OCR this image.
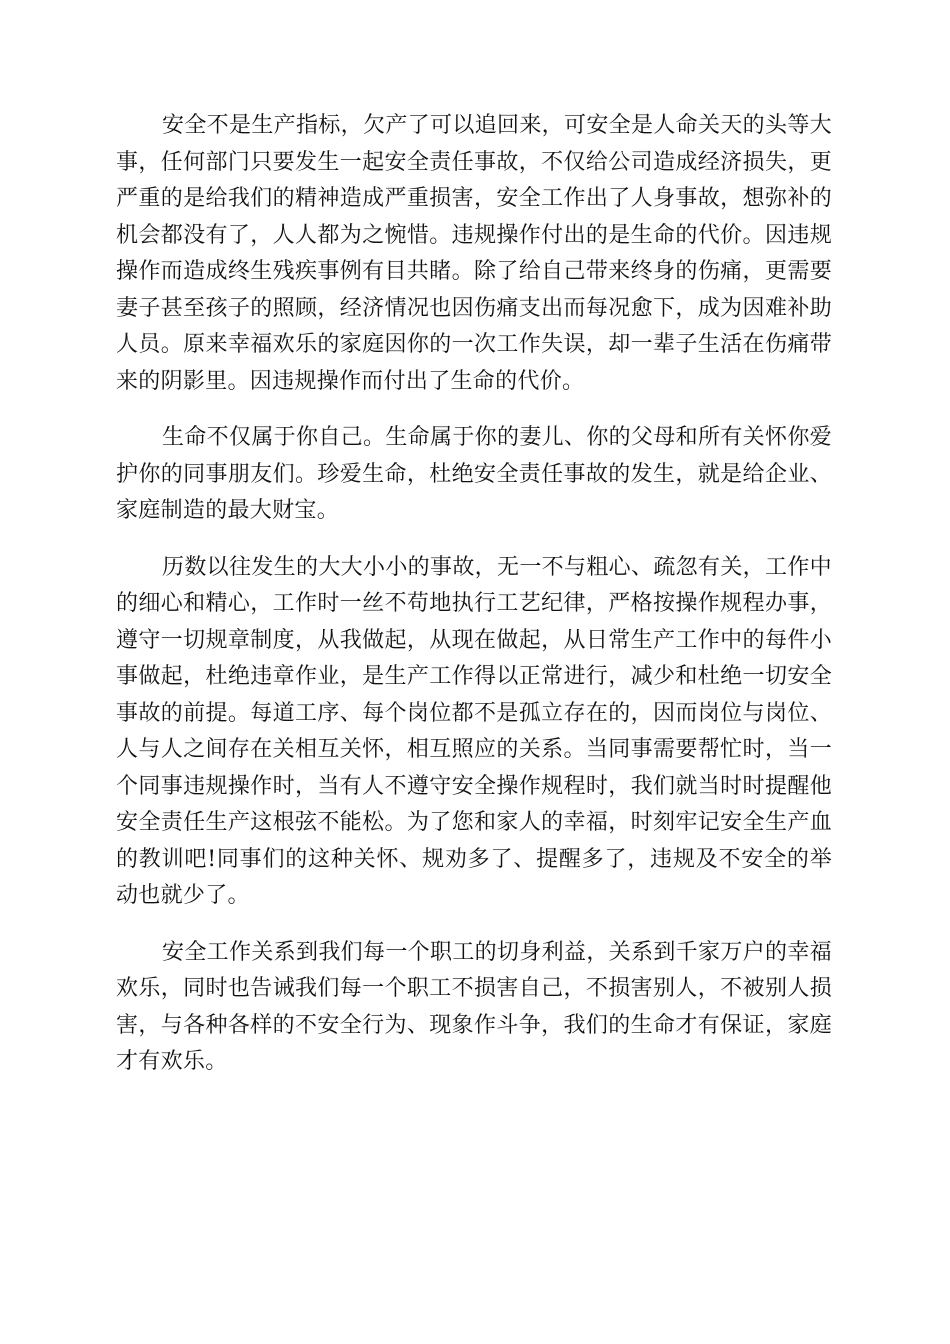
安全不是生产指标，欠产了可以追回来，可安全是人命关天的头等大事，任何部门只要发生一起安全责任事故，不仅给公司造成经济损失，更严重的是给我们的精神造成严重损害，安全工作出了人身事故，想弥补的机会都没有了，人人都为之惋惜。违规操作付出的是生命的代价。因违规操作而造成终生残疾事例有目共睹。除了给自己带来终身的伤痛，更需要妻子甚至孩子的照顾，经济情况也因伤痛支出而每况愈下，成为因难补助人员。原来幸福欢乐的家庭因你的一次工作失误，却一辈子生活在伤痛带来的阴影里。因违规操作而付出了生命的代价。

生命不仅属于你自己。生命属于你的妻儿、你的父母和所有关怀你爱护你的同事朋友们。珍爱生命，杜绝安全责任事故的发生，就是给企业、家庭制造的最大财宝。

历数以往发生的大大小小的事故，无一不与粗心、疏忽有关，工作中的细心和精心，工作时一丝不苟地执行工艺纪律，严格按操作规程办事，遵守一切规章制度，从我做起，从现在做起，从日常生产工作中的每件小事做起，杜绝违章作业，是生产工作得以正常进行，减少和杜绝一切安全事故的前提。每道工序、每个岗位都不是孤立存在的，因而岗位与岗位、人与人之间存在关相互关怀，相互照应的关系。当同事需要帮忙时，当一个同事违规操作时，当有人不遵守安全操作规程时，我们就当时时提醒他安全责任生产这根弦不能松。为了您和家人的幸福，时刻牢记安全生产血的教训吧!同事们的这种关怀、规劝多了、提醒多了，违规及不安全的举动也就少了。

安全工作关系到我们每一个职工的切身利益，关系到千家万户的幸福欢乐，同时也告诫我们每一个职工不损害自己，不损害别人，不被别人损害，与各种各样的不安全行为、现象作斗争，我们的生命才有保证，家庭才有欢乐。
